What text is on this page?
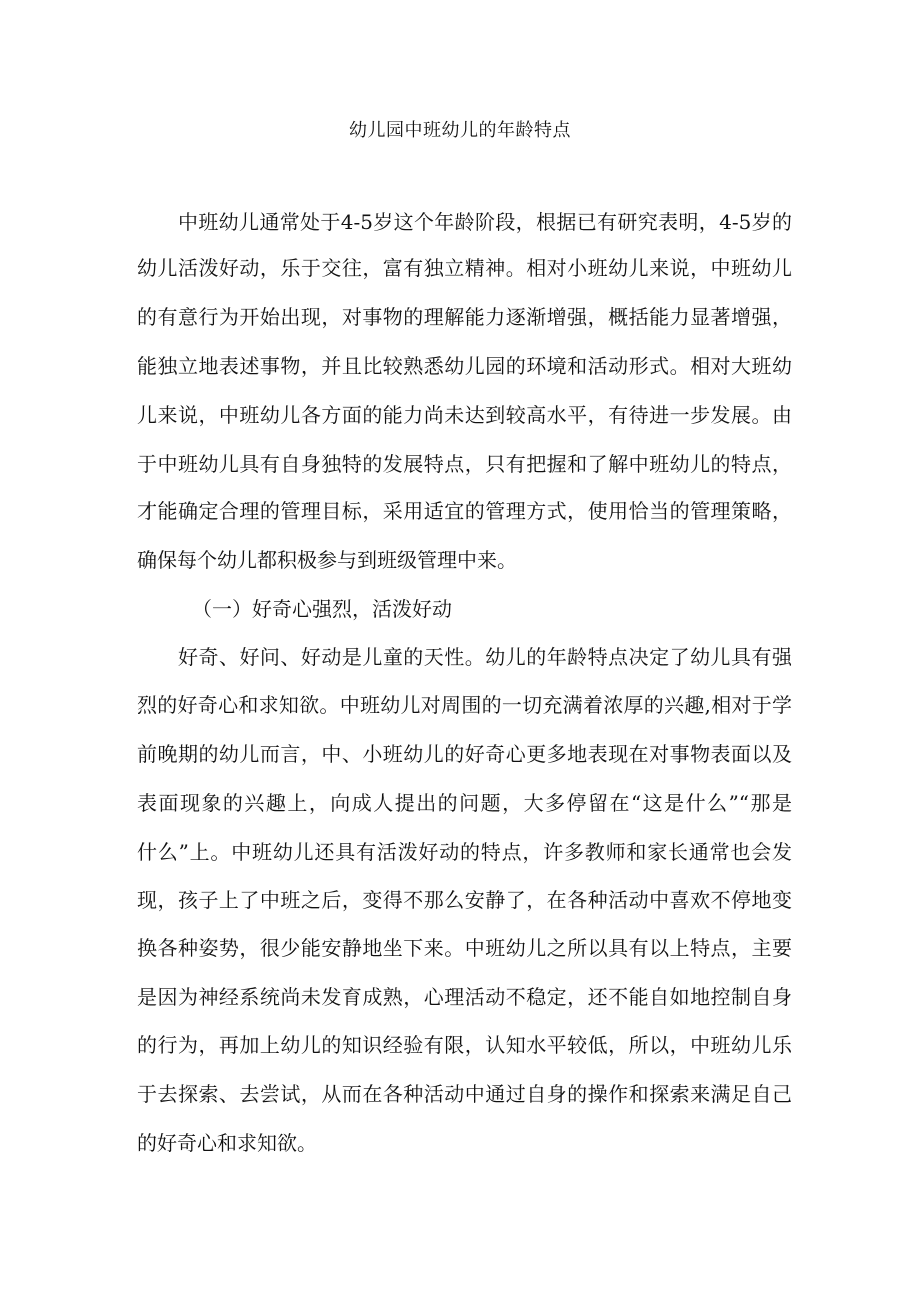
幼儿园中班幼儿的年龄特点
中班幼儿通常处于4-5岁这个年龄阶段，根据已有研究表明，4-5岁的
幼儿活泼好动，乐于交往，富有独立精神。相对小班幼儿来说，中班幼儿
的有意行为开始出现，对事物的理解能力逐渐增强，概括能力显著增强，
能独立地表述事物，并且比较熟悉幼儿园的环境和活动形式。相对大班幼
儿来说，中班幼儿各方面的能力尚未达到较高水平，有待进一步发展。由
于中班幼儿具有自身独特的发展特点，只有把握和了解中班幼儿的特点，
才能确定合理的管理目标，采用适宜的管理方式，使用恰当的管理策略，
确保每个幼儿都积极参与到班级管理中来。
（一）好奇心强烈，活泼好动
好奇、好问、好动是儿童的天性。幼儿的年龄特点决定了幼儿具有强
烈的好奇心和求知欲。中班幼儿对周围的一切充满着浓厚的兴趣,相对于学
前晚期的幼儿而言，中、小班幼儿的好奇心更多地表现在对事物表面以及
表面现象的兴趣上，向成人提出的问题，大多停留在“这是什么”“那是
什么”上。中班幼儿还具有活泼好动的特点，许多教师和家长通常也会发
现，孩子上了中班之后，变得不那么安静了，在各种活动中喜欢不停地变
换各种姿势，很少能安静地坐下来。中班幼儿之所以具有以上特点，主要
是因为神经系统尚未发育成熟，心理活动不稳定，还不能自如地控制自身
的行为，再加上幼儿的知识经验有限，认知水平较低，所以，中班幼儿乐
于去探索、去尝试，从而在各种活动中通过自身的操作和探索来满足自己
的好奇心和求知欲。
